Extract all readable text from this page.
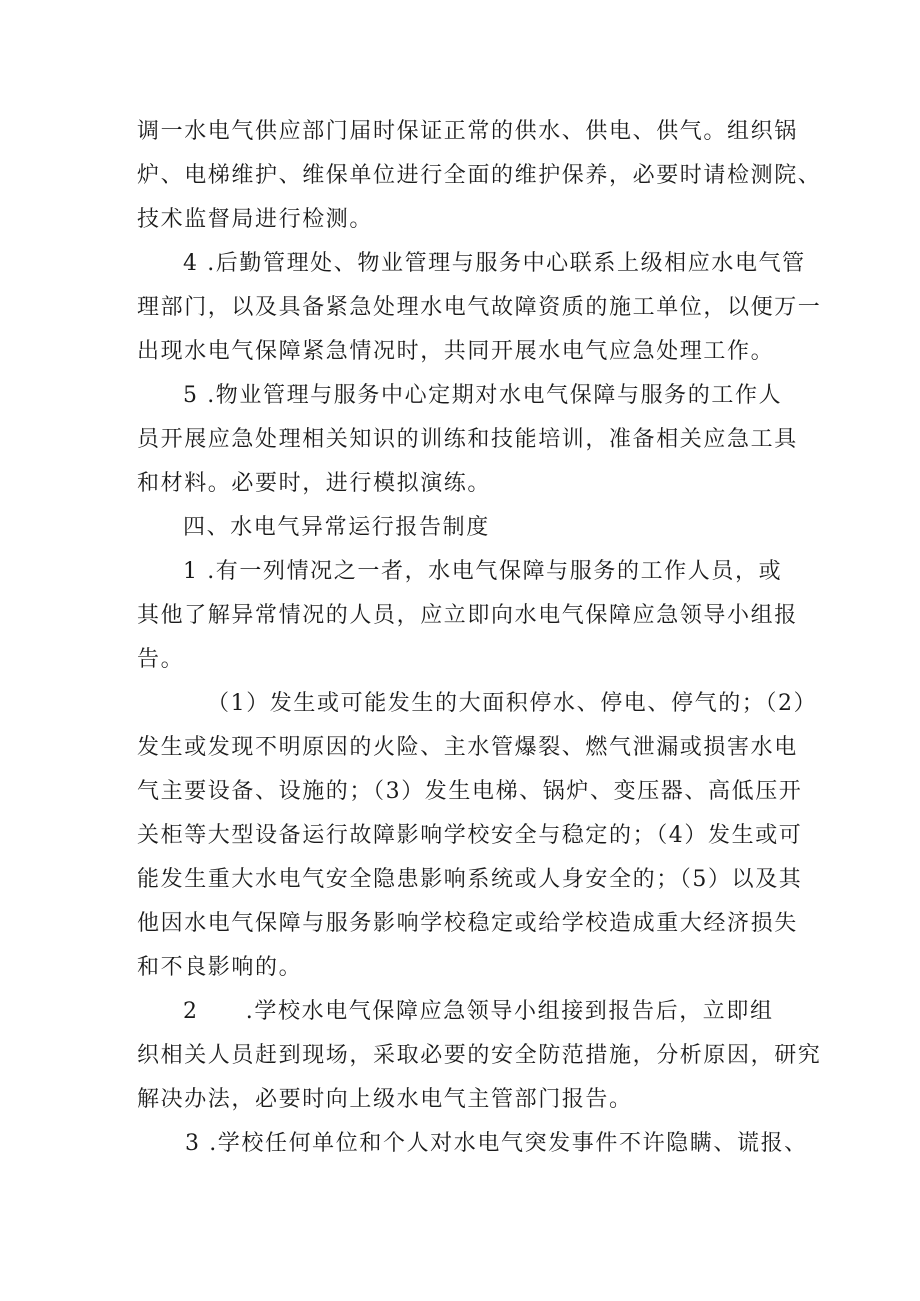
调一水电气供应部门届时保证正常的供水、供电、供气。组织锅

炉、电梯维护、维保单位进行全面的维护保养，必要时请检测院、

技术监督局进行检测。

4 .后勤管理处、物业管理与服务中心联系上级相应水电气管

理部门，以及具备紧急处理水电气故障资质的施工单位，以便万一

出现水电气保障紧急情况时，共同开展水电气应急处理工作。

5 .物业管理与服务中心定期对水电气保障与服务的工作人

员开展应急处理相关知识的训练和技能培训，准备相关应急工具

和材料。必要时，进行模拟演练。

四、水电气异常运行报告制度

1 .有一列情况之一者，水电气保障与服务的工作人员，或

其他了解异常情况的人员，应立即向水电气保障应急领导小组报

告。

（1）发生或可能发生的大面积停水、停电、停气的；（2）

发生或发现不明原因的火险、主水管爆裂、燃气泄漏或损害水电

气主要设备、设施的；（3）发生电梯、锅炉、变压器、高低压开

关柜等大型设备运行故障影响学校安全与稳定的；（4）发生或可

能发生重大水电气安全隐患影响系统或人身安全的；（5）以及其

他因水电气保障与服务影响学校稳定或给学校造成重大经济损失

和不良影响的。

2　　.学校水电气保障应急领导小组接到报告后，立即组

织相关人员赶到现场，采取必要的安全防范措施，分析原因，研究

解决办法，必要时向上级水电气主管部门报告。

3 .学校任何单位和个人对水电气突发事件不许隐瞒、谎报、
